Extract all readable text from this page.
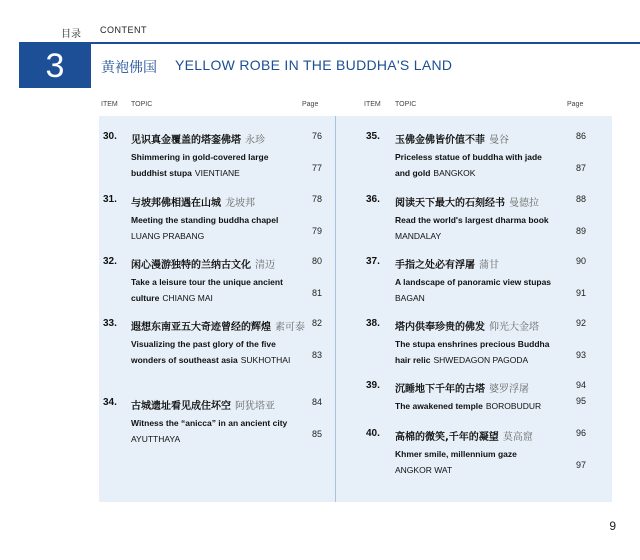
目录 CONTENT
3	黄袍佛国 YELLOW ROBE IN THE BUDDHA'S LAND
ITEM TOPIC	Page	ITEM TOPIC	Page
30. 见识真金覆盖的塔銮佛塔 永珍
Shimmering in gold-covered large
buddhist stupa VIENTIANE
76
77
31. 与坡邦佛相遇在山城 龙坡邦
Meeting the standing buddha chapel
LUANG PRABANG
78
79
32. 闲心漫游独特的兰纳古文化 清迈
Take a leisure tour the unique ancient
culture CHIANG MAI
80
81
33. 遐想东南亚五大奇迹曾经的辉煌 素可泰
Visualizing the past glory of the five
wonders of southeast asia SUKHOTHAI
82
83
34. 古城遗址看见成住坏空 阿犹塔亚
Witness the “anicca” in an ancient city
AYUTTHAYA
84
85
35. 玉佛金佛皆价值不菲 曼谷
Priceless statue of buddha with jade
and gold BANGKOK
86
87
36. 阅读天下最大的石刻经书 曼德拉
Read the world's largest dharma book
MANDALAY
88
89
37. 手指之处必有浮屠 蒲甘
A landscape of panoramic view stupas
BAGAN
90
91
38. 塔内供奉珍贵的佛发 仰光大金塔
The stupa enshrines precious Buddha
hair relic SHWEDAGON PAGODA
92
93
39. 沉睡地下千年的古塔 婆罗浮屠
The awakened temple BOROBUDUR
94
95
40. 高棉的微笑,千年的凝望 莫高窟
Khmer smile, millennium gaze
ANGKOR WAT
96
97
9
